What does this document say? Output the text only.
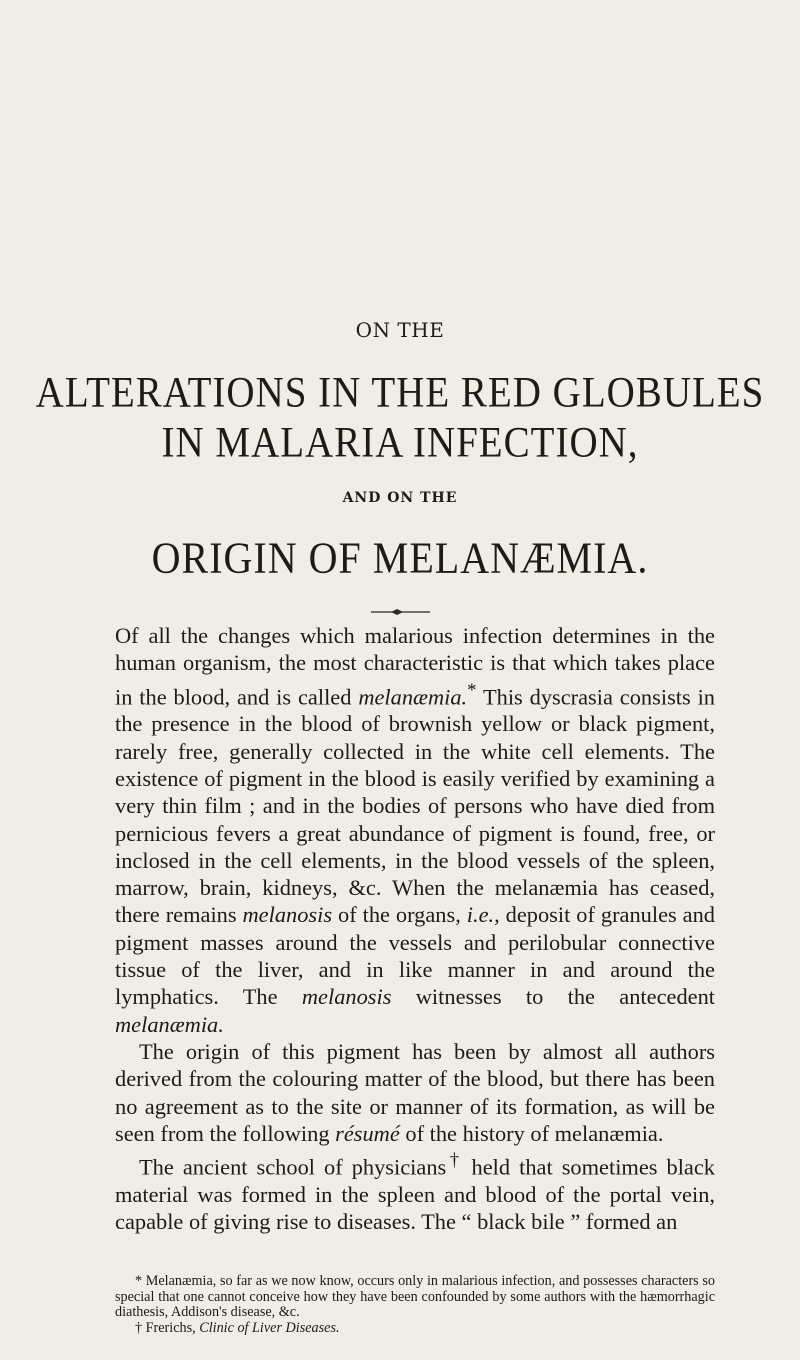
ON THE
ALTERATIONS IN THE RED GLOBULES
IN MALARIA INFECTION,
AND ON THE
ORIGIN OF MELANÆMIA.

Of all the changes which malarious infection determines in the human organism, the most characteristic is that which takes place in the blood, and is called melanæmia.* This dyscrasia consists in the presence in the blood of brownish yellow or black pigment, rarely free, generally collected in the white cell elements. The existence of pigment in the blood is easily verified by examining a very thin film ; and in the bodies of persons who have died from pernicious fevers a great abundance of pigment is found, free, or inclosed in the cell elements, in the blood vessels of the spleen, marrow, brain, kidneys, &c. When the melanæmia has ceased, there remains melanosis of the organs, i.e., deposit of granules and pigment masses around the vessels and perilobular connective tissue of the liver, and in like manner in and around the lymphatics. The melanosis witnesses to the antecedent melanæmia.

The origin of this pigment has been by almost all authors derived from the colouring matter of the blood, but there has been no agreement as to the site or manner of its formation, as will be seen from the following résumé of the history of melanæmia.

The ancient school of physicians† held that sometimes black material was formed in the spleen and blood of the portal vein, capable of giving rise to diseases. The “ black bile ” formed an

* Melanæmia, so far as we now know, occurs only in malarious infection, and possesses characters so special that one cannot conceive how they have been confounded by some authors with the hæmorrhagic diathesis, Addison's disease, &c.

† Frerichs, Clinic of Liver Diseases.
